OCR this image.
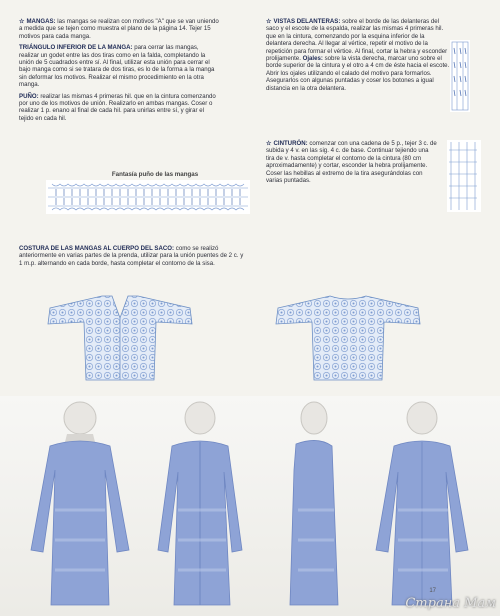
☆ MANGAS: las mangas se realizan con motivos "A" que se van uniendo a medida que se tejen como muestra el plano de la página 14. Tejer 15 motivos para cada manga.

TRIÁNGULO INFERIOR DE LA MANGA: para cerrar las mangas, realizar un godet entre las dos tiras como en la falda, completando la unión de 5 cuadrados entre sí. Al final, utilizar esta unión para cerrar el bajo manga como si se tratara de dos tiras, es lo de la forma a la manga sin deformar los motivos. Realizar el mismo procedimiento en la otra manga.

PUÑO: realizar las mismas 4 primeras hil. que en la cintura comenzando por uno de los motivos de unión. Realizarlo en ambas mangas. Coser o realizar 1 p. enano al final de cada hil. para unirlas entre sí, y girar el tejido en cada hil.

☆ VISTAS DELANTERAS: sobre el borde de las delanteras del saco y el escote de la espalda, realizar las mismas 4 primeras hil. que en la cintura, comenzando por la esquina inferior de la delantera derecha. Al llegar al vértice, repetir el motivo de la repetición para formar el vértice. Al final, cortar la hebra y esconder prolijamente. Ojales: sobre la vista derecha, marcar uno sobre el borde superior de la cintura y el otro a 4 cm de éste hacia el escote. Abrir los ojales utilizando el calado del motivo para formarlos. Asegurarlos con algunas puntadas y coser los botones a igual distancia en la otra delantera.

☆ CINTURÓN: comenzar con una cadena de 5 p., tejer 3 c. de subida y 4 v. en las sig. 4 c. de base. Continuar tejiendo una tira de v. hasta completar el contorno de la cintura (80 cm aproximadamente) y cortar, esconder la hebra prolijamente. Coser las hebillas al extremo de la tira asegurándolas con varias puntadas.

Fantasía puño de las mangas

COSTURA DE LAS MANGAS AL CUERPO DEL SACO: como se realizó anteriormente en varias partes de la prenda, utilizar para la unión puentes de 2 c. y 1 m.p. alternando en cada borde, hasta completar el contorno de la sisa.

17
Страна Мам
